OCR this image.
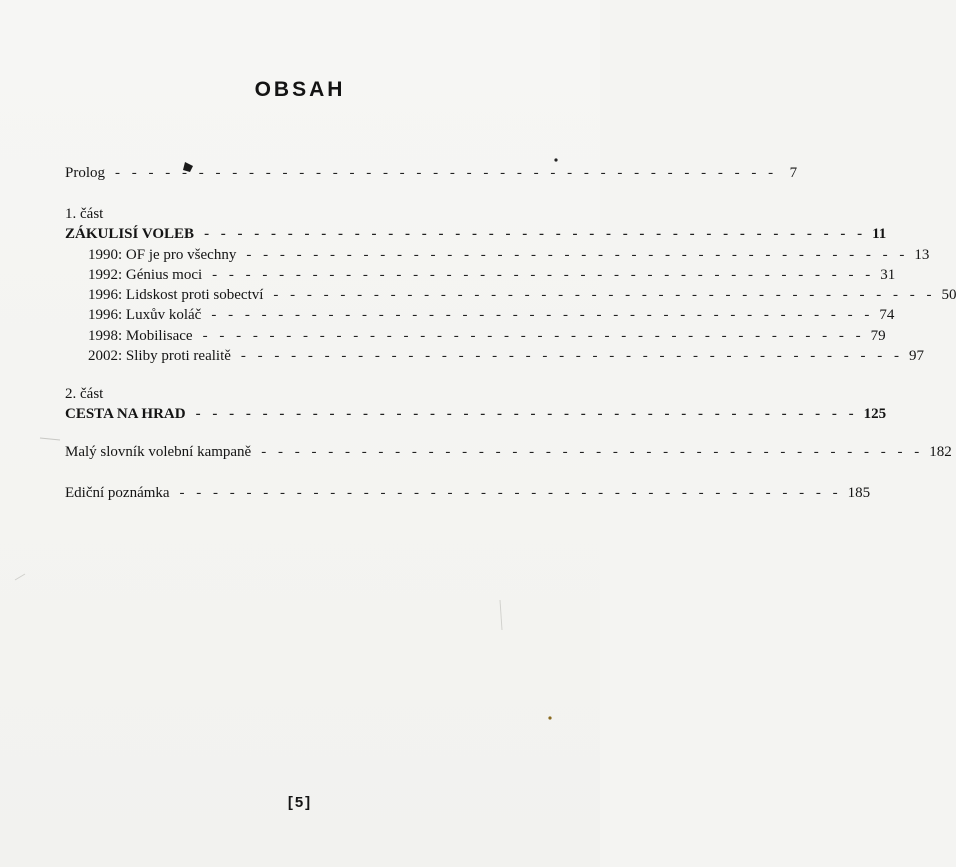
OBSAH
Prolog - - - - - - - - - - - - - - - - - - - - - - - - - - - - - - - - - - - - - - - - 7
1. část
ZÁKULISÍ VOLEB - - - - - - - - - - - - - - - - - - - - - - - - - - - - - - - - - - - - - - - - 11
1990: OF je pro všechny - - - - - - - - - - - - - - - - - - - - - - - - - - - - - - - - - - - - - - - - 13
1992: Génius moci - - - - - - - - - - - - - - - - - - - - - - - - - - - - - - - - - - - - - - - - 31
1996: Lidskost proti sobectví - - - - - - - - - - - - - - - - - - - - - - - - - - - - - - - - - - - - - - - - 50
1996: Luxův koláč - - - - - - - - - - - - - - - - - - - - - - - - - - - - - - - - - - - - - - - - 74
1998: Mobilisace - - - - - - - - - - - - - - - - - - - - - - - - - - - - - - - - - - - - - - - - 79
2002: Sliby proti realitě - - - - - - - - - - - - - - - - - - - - - - - - - - - - - - - - - - - - - - - - 97
2. část
CESTA NA HRAD - - - - - - - - - - - - - - - - - - - - - - - - - - - - - - - - - - - - - - - - 125
Malý slovník volební kampaně - - - - - - - - - - - - - - - - - - - - - - - - - - - - - - - - - - - - - - - - 182
Ediční poznámka - - - - - - - - - - - - - - - - - - - - - - - - - - - - - - - - - - - - - - - - 185
[5]
